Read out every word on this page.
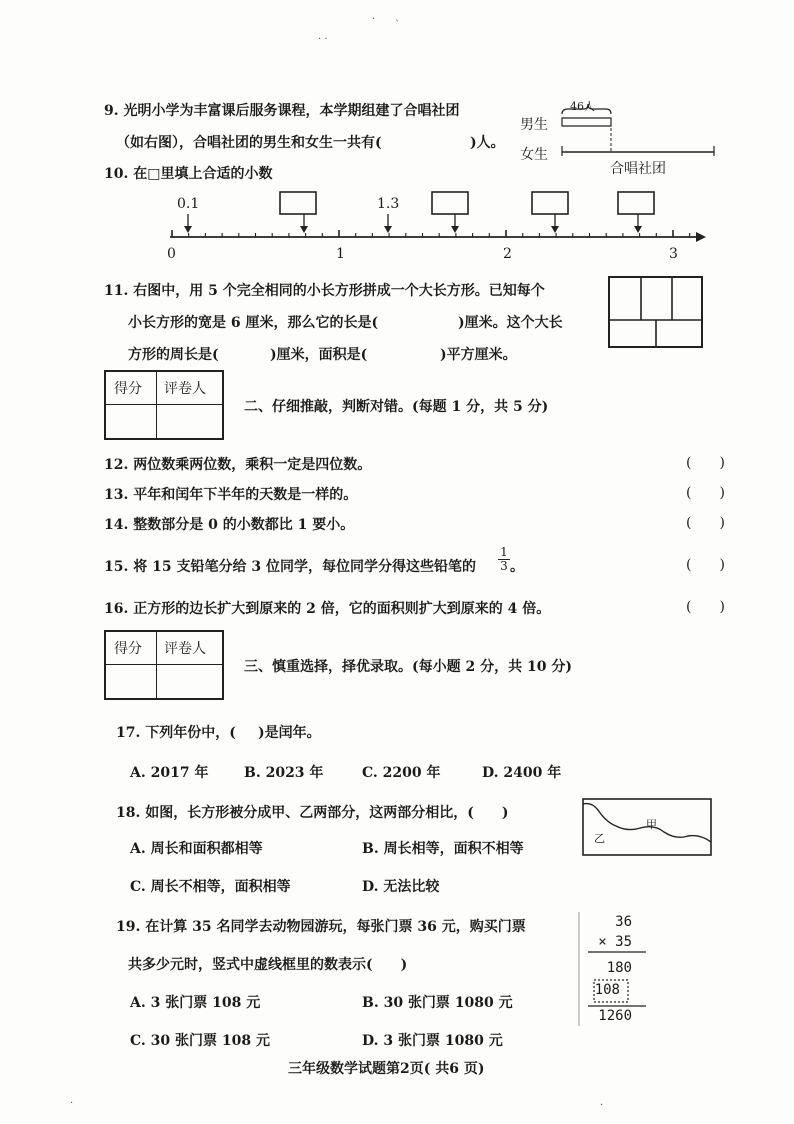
·
ˋ
· ·
·	·
9. 光明小学为丰富课后服务课程，本学期组建了合唱社团
（如右图），合唱社团的男生和女生一共有(	)人。
46人
男生
女生
合唱社团
10. 在□里填上合适的小数
0.1	1.3
0	1	2	3
11. 右图中，用 5 个完全相同的小长方形拼成一个大长方形。已知每个
小长方形的宽是 6 厘米，那么它的长是(	)厘米。这个大长
方形的周长是(	)厘米，面积是(	)平方厘米。
得分 评卷人
二、仔细推敲，判断对错。(每题 1 分，共 5 分)
12. 两位数乘两位数，乘积一定是四位数。	(　　)
13. 平年和闰年下半年的天数是一样的。	(　　)
14. 整数部分是 0 的小数都比 1 要小。	(　　)
15. 将 15 支铅笔分给 3 位同学，每位同学分得这些铅笔的 $\frac{1}{3}$ 。	(　　)
16. 正方形的边长扩大到原来的 2 倍，它的面积则扩大到原来的 4 倍。	(　　)
得分 评卷人
三、慎重选择，择优录取。(每小题 2 分，共 10 分)
17. 下列年份中，( )是闰年。
A. 2017 年	B. 2023 年	C. 2200 年	D. 2400 年
18. 如图，长方形被分成甲、乙两部分，这两部分相比，(　　)
A. 周长和面积都相等	B. 周长相等，面积不相等
C. 周长不相等，面积相等	D. 无法比较
甲
乙
19. 在计算 35 名同学去动物园游玩，每张门票 36 元，购买门票
共多少元时，竖式中虚线框里的数表示(　　)
A. 3 张门票 108 元	B. 30 张门票 1080 元
C. 30 张门票 108 元	D. 3 张门票 1080 元
36
× 35
180
108
1260
三年级数学试题第2页( 共6 页)
